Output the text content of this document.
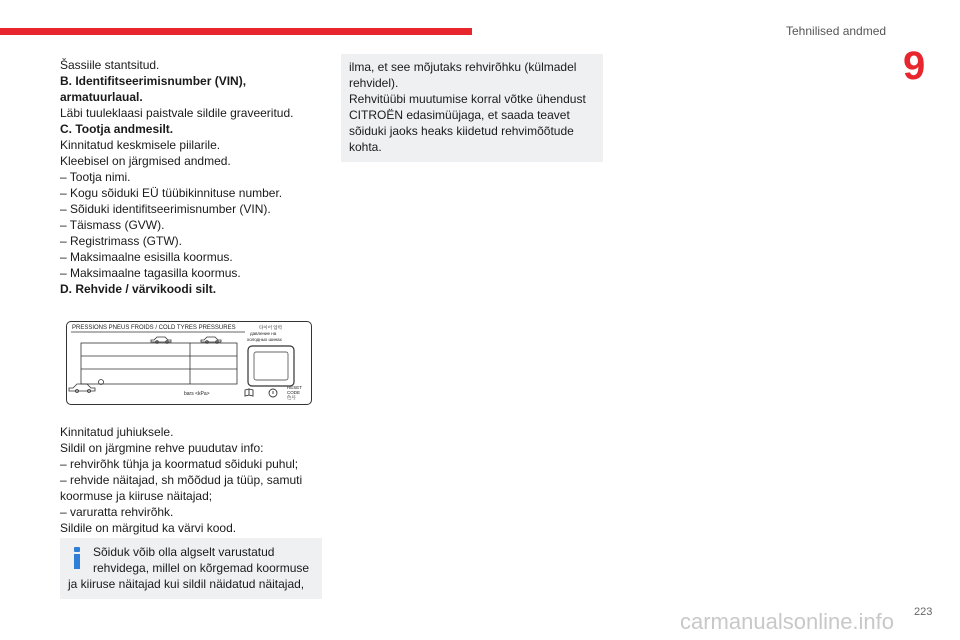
Tehnilised andmed
9

Šassiile stantsitud.

B. Identifitseerimisnumber (VIN), armatuurlaual.

Läbi tuuleklaasi paistvale sildile graveeritud.

C. Tootja andmesilt.

Kinnitatud keskmisele piilarile.

Kleebisel on järgmised andmed.

– Tootja nimi.

– Kogu sõiduki EÜ tüübikinnituse number.

– Sõiduki identifitseerimisnumber (VIN).

– Täismass (GVW).

– Registrimass (GTW).

– Maksimaalne esisilla koormus.

– Maksimaalne tagasilla koormus.

D. Rehvide / värvikoodi silt.

PRESSIONS PNEUS FROIDS / COLD TYRES PRESSURES	타이어 압력
давление на
холодных шинах
bars <kPa>
RESET
CODE
色号

Kinnitatud juhiuksele.

Sildil on järgmine rehve puudutav info:

– rehvirõhk tühja ja koormatud sõiduki puhul;

– rehvide näitajad, sh mõõdud ja tüüp, samuti koormuse ja kiiruse näitajad;

– varuratta rehvirõhk.

Sildile on märgitud ka värvi kood.

Sõiduk võib olla algselt varustatud
rehvidega, millel on kõrgemad koormuse
ja kiiruse näitajad kui sildil näidatud näitajad,

ilma, et see mõjutaks rehvirõhku (külmadel rehvidel).

Rehvitüübi muutumise korral võtke ühendust CITROËN edasimüüjaga, et saada teavet sõiduki jaoks heaks kiidetud rehvimõõtude kohta.

carmanualsonline.info 223
